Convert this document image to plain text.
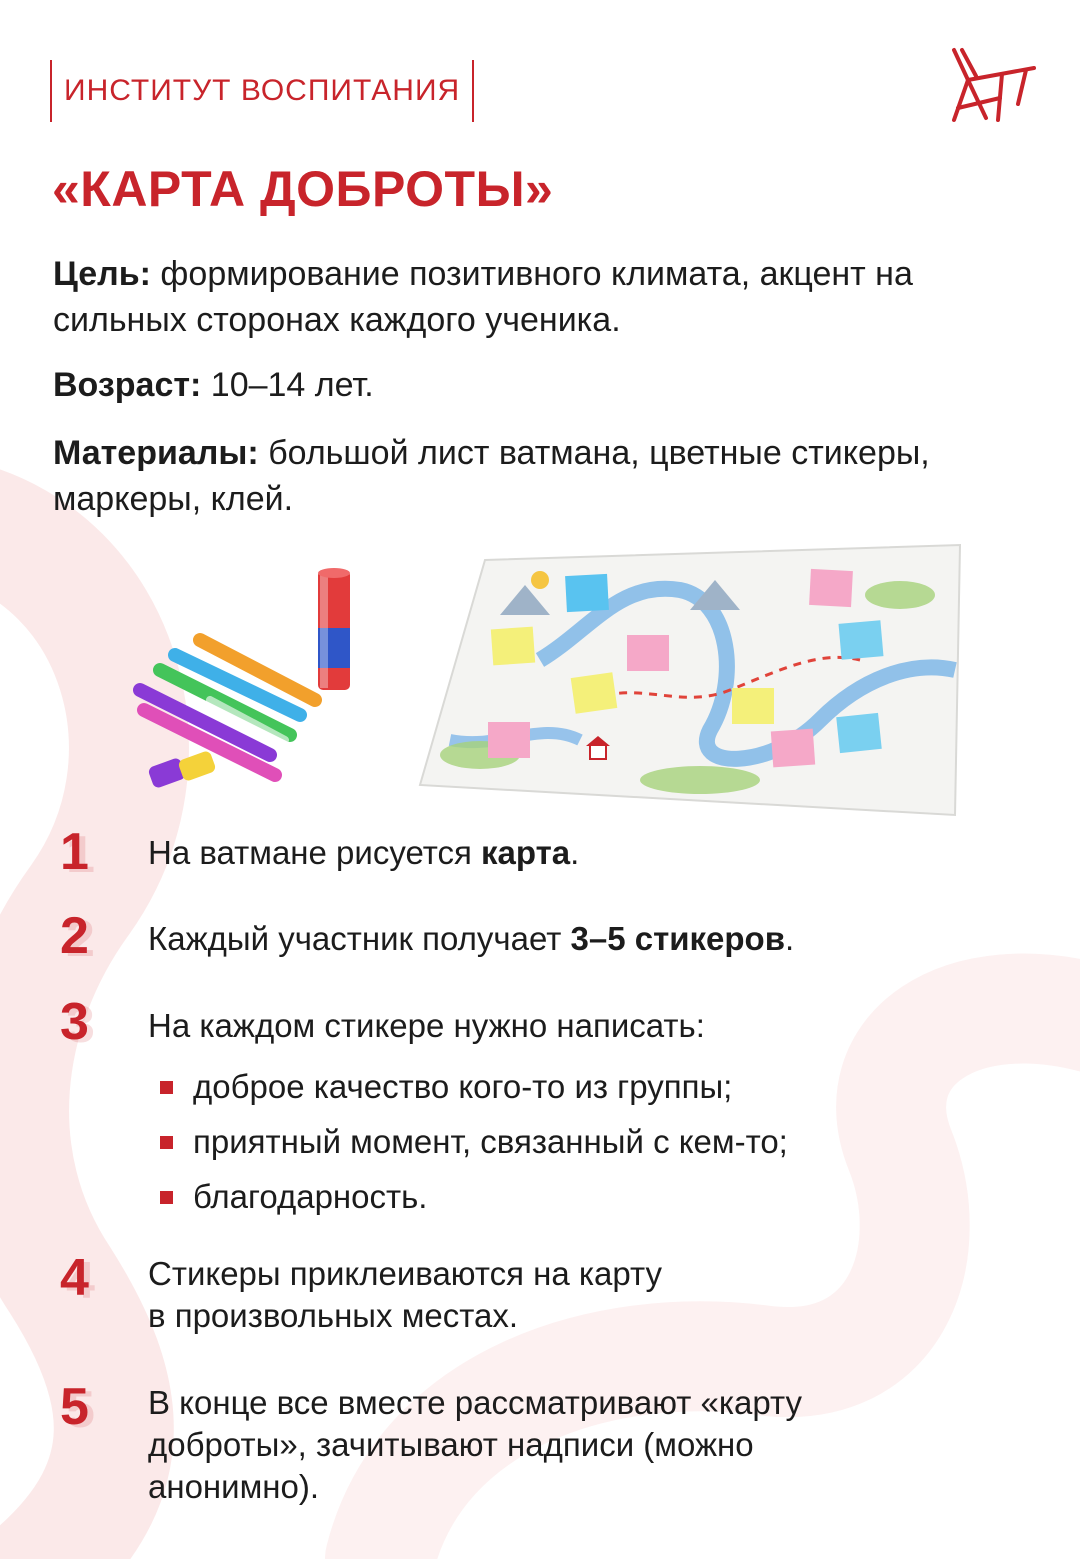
ИНСТИТУТ ВОСПИТАНИЯ
«КАРТА ДОБРОТЫ»

Цель: формирование позитивного климата, акцент на сильных сторонах каждого ученика.

Возраст: 10–14 лет.

Материалы: большой лист ватмана, цветные стикеры, маркеры, клей.

1	На ватмане рисуется карта.

2	Каждый участник получает 3–5 стикеров.

3	На каждом стикере нужно написать:

доброе качество кого-то из группы;
приятный момент, связанный с кем-то;
благодарность.
4	Стикеры приклеиваются на карту
в произвольных местах.

5	В конце все вместе рассматривают «карту
доброты», зачитывают надписи (можно
анонимно).
